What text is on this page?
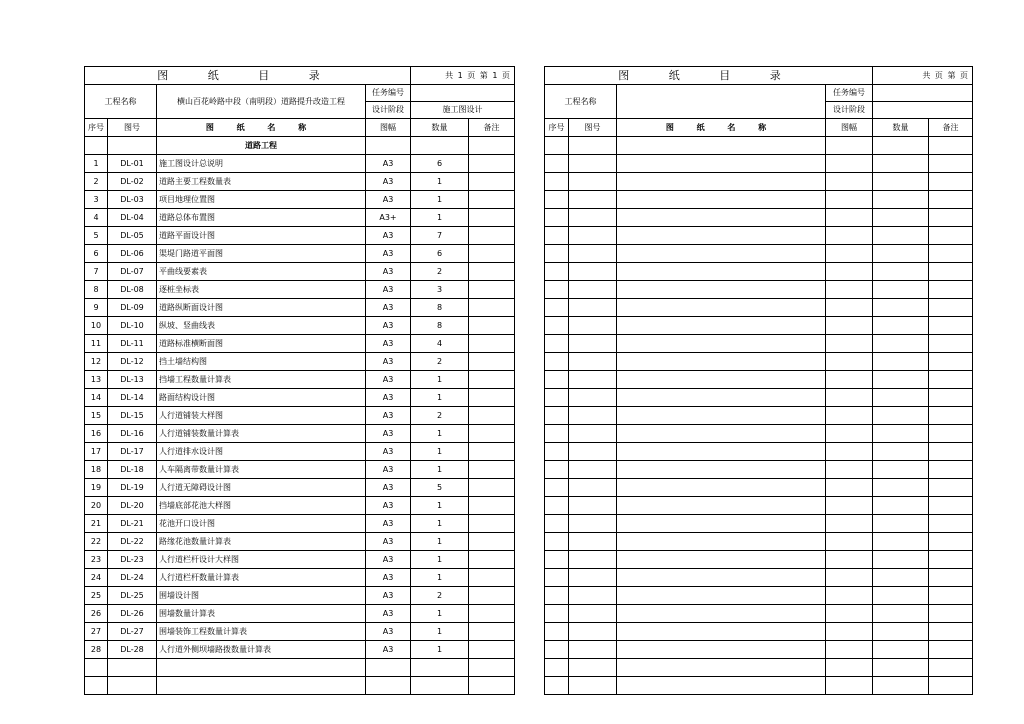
图 纸 目 录				共 1 页 第 1 页	
工程名称		横山百花岭路中段（南明段）道路提升改造工程	任务编号		
			设计阶段	施工图设计	
序号	图号	图 纸 名 称	图幅	数量	备注
		道路工程			
1	DL-01	施工图设计总说明	A3	6	
2	DL-02	道路主要工程数量表	A3	1	
3	DL-03	项目地理位置图	A3	1	
4	DL-04	道路总体布置图	A3+	1	
5	DL-05	道路平面设计图	A3	7	
6	DL-06	渠堤门路道平面图	A3	6	
7	DL-07	平曲线要素表	A3	2	
8	DL-08	逐桩坐标表	A3	3	
9	DL-09	道路纵断面设计图	A3	8	
10	DL-10	纵坡、竖曲线表	A3	8	
11	DL-11	道路标准横断面图	A3	4	
12	DL-12	挡土墙结构图	A3	2	
13	DL-13	挡墙工程数量计算表	A3	1	
14	DL-14	路面结构设计图	A3	1	
15	DL-15	人行道铺装大样图	A3	2	
16	DL-16	人行道铺装数量计算表	A3	1	
17	DL-17	人行道排水设计图	A3	1	
18	DL-18	人车隔离带数量计算表	A3	1	
19	DL-19	人行道无障碍设计图	A3	5	
20	DL-20	挡墙底部花池大样图	A3	1	
21	DL-21	花池开口设计图	A3	1	
22	DL-22	路缘花池数量计算表	A3	1	
23	DL-23	人行道栏杆设计大样图	A3	1	
24	DL-24	人行道栏杆数量计算表	A3	1	
25	DL-25	围墙设计图	A3	2	
26	DL-26	围墙数量计算表	A3	1	
27	DL-27	围墙装饰工程数量计算表	A3	1	
28	DL-28	人行道外侧坝墙路拨数量计算表	A3	1	

图 纸 目 录				共 页 第 页	
工程名称			任务编号		
			设计阶段		
序号	图号	图 纸 名 称	图幅	数量	备注
